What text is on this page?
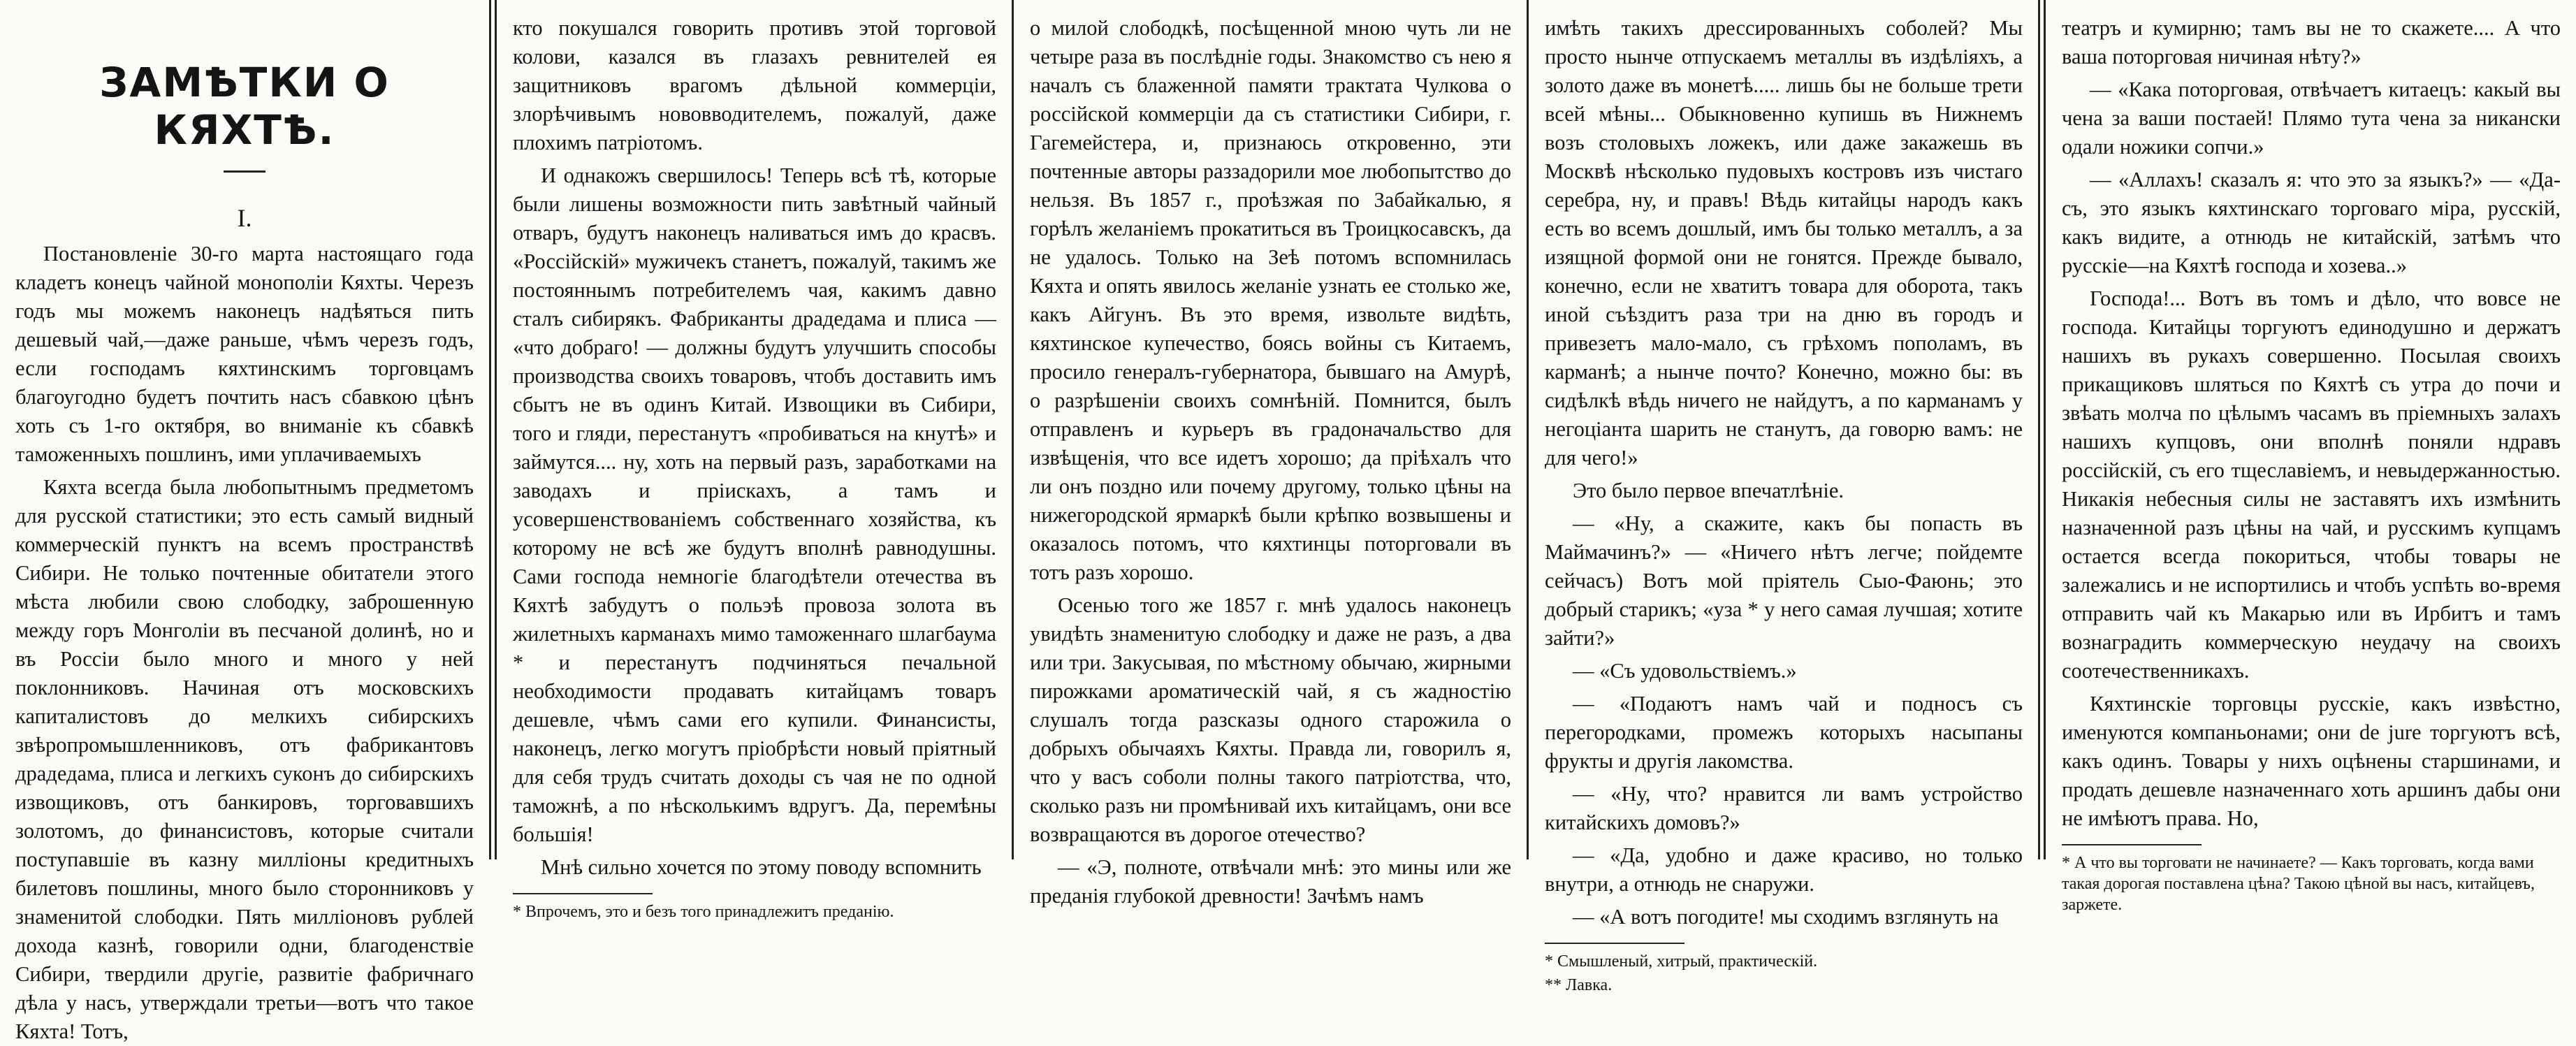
ЗАМѢТКИ О КЯХТѢ.
I.

Постановленіе 30-го марта настоящаго года кладетъ конецъ чайной монополіи Кяхты. Черезъ годъ мы можемъ наконецъ надѣяться пить дешевый чай,—даже раньше, чѣмъ черезъ годъ, если господамъ кяхтинскимъ торговцамъ благоугодно будетъ почтить насъ сбавкою цѣнъ хоть съ 1-го октября, во вниманіе къ сбавкѣ таможенныхъ пошлинъ, ими уплачиваемыхъ

Кяхта всегда была любопытнымъ предметомъ для русской статистики; это есть самый видный коммерческій пунктъ на всемъ пространствѣ Сибири. Не только почтенные обитатели этого мѣста любили свою слободку, заброшенную между горъ Монголіи въ песчаной долинѣ, но и въ Россіи было много и много у ней поклонниковъ. Начиная отъ московскихъ капиталистовъ до мелкихъ сибирскихъ звѣропромышленниковъ, отъ фабрикантовъ драдедама, плиса и легкихъ суконъ до сибирскихъ извощиковъ, отъ банкировъ, торговавшихъ золотомъ, до финансистовъ, которые считали поступавшіе въ казну милліоны кредитныхъ билетовъ пошлины, много было сторонниковъ у знаменитой слободки. Пять милліоновъ рублей дохода казнѣ, говорили одни, благоденствіе Сибири, твердили другіе, развитіе фабричнаго дѣла у насъ, утверждали третьи—вотъ что такое Кяхта! Тотъ,

кто покушался говорить противъ этой торговой колови, казался въ глазахъ ревнителей ея защитниковъ врагомъ дѣльной коммерціи, злорѣчивымъ нововводителемъ, пожалуй, даже плохимъ патріотомъ.

И однакожъ свершилось! Теперь всѣ тѣ, которые были лишены возможности пить завѣтный чайный отваръ, будутъ наконецъ наливаться имъ до красвъ. «Россійскій» мужичекъ станетъ, пожалуй, такимъ же постояннымъ потребителемъ чая, какимъ давно сталъ сибирякъ. Фабриканты драдедама и плиса — «что добраго! — должны будутъ улучшить способы производства своихъ товаровъ, чтобъ доставить имъ сбытъ не въ одинъ Китай. Извощики въ Сибири, того и гляди, перестанутъ «пробиваться на кнутѣ» и займутся.... ну, хоть на первый разъ, заработками на заводахъ и пріискахъ, а тамъ и усовершенствованіемъ собственнаго хозяйства, къ которому не всѣ же будутъ вполнѣ равнодушны. Сами господа немногіе благодѣтели отечества въ Кяхтѣ забудутъ о польэѣ провоза золота въ жилетныхъ карманахъ мимо таможеннаго шлагбаума * и перестанутъ подчиняться печальной необходимости продавать китайцамъ товаръ дешевле, чѣмъ сами его купили. Финансисты, наконецъ, легко могутъ пріобрѣсти новый пріятный для себя трудъ считать доходы съ чая не по одной таможнѣ, а по нѣсколькимъ вдругъ. Да, перемѣны большія!

Мнѣ сильно хочется по этому поводу вспомнить

* Впрочемъ, это и безъ того принадлежитъ преданію.

о милой слободкѣ, посѣщенной мною чуть ли не четыре раза въ послѣдніе годы. Знакомство съ нею я началъ съ блаженной памяти трактата Чулкова о россійской коммерціи да съ статистики Сибири, г. Гагемейстера, и, признаюсь откровенно, эти почтенные авторы раззадорили мое любопытство до нельзя. Въ 1857 г., проѣзжая по Забайкалью, я горѣлъ желаніемъ прокатиться въ Троицкосавскъ, да не удалось. Только на Зеѣ потомъ вспомнилась Кяхта и опять явилось желаніе узнать ее столько же, какъ Айгунъ. Въ это время, извольте видѣть, кяхтинское купечество, боясь войны съ Китаемъ, просило генералъ-губернатора, бывшаго на Амурѣ, о разрѣшеніи своихъ сомнѣній. Помнится, былъ отправленъ и курьеръ въ градоначальство для извѣщенія, что все идетъ хорошо; да пріѣхалъ что ли онъ поздно или почему другому, только цѣны на нижегородской ярмаркѣ были крѣпко возвышены и оказалось потомъ, что кяхтинцы поторговали въ тотъ разъ хорошо.

Осенью того же 1857 г. мнѣ удалось наконецъ увидѣть знаменитую слободку и даже не разъ, а два или три. Закусывая, по мѣстному обычаю, жирными пирожками ароматическій чай, я съ жадностію слушалъ тогда разсказы одного старожила о добрыхъ обычаяхъ Кяхты. Правда ли, говорилъ я, что у васъ соболи полны такого патріотства, что, сколько разъ ни промѣнивай ихъ китайцамъ, они все возвращаются въ дорогое отечество?

— «Э, полноте, отвѣчали мнѣ: это мины или же преданія глубокой древности! Зачѣмъ намъ

имѣть такихъ дрессированныхъ соболей? Мы просто нынче отпускаемъ металлы въ издѣліяхъ, а золото даже въ монетѣ..... лишь бы не больше трети всей мѣны... Обыкновенно купишь въ Нижнемъ возъ столовыхъ ложекъ, или даже закажешь въ Москвѣ нѣсколько пудовыхъ костровъ изъ чистаго серебра, ну, и правъ! Вѣдь китайцы народъ какъ есть во всемъ дошлый, имъ бы только металлъ, а за изящной формой они не гонятся. Прежде бывало, конечно, если не хватитъ товара для оборота, такъ иной съѣздитъ раза три на дню въ городъ и привезетъ мало-мало, съ грѣхомъ пополамъ, въ карманѣ; а нынче почто? Конечно, можно бы: въ сидѣлкѣ вѣдь ничего не найдутъ, а по карманамъ у негоціанта шарить не станутъ, да говорю вамъ: не для чего!»

Это было первое впечатлѣніе.

— «Ну, а скажите, какъ бы попасть въ Маймачинъ?» — «Ничего нѣтъ легче; пойдемте сейчасъ) Вотъ мой пріятель Сыо-Фаюнь; это добрый старикъ; «уза * у него самая лучшая; хотите зайти?»

— «Съ удовольствіемъ.»

— «Подаютъ намъ чай и подносъ съ перегородками, промежъ которыхъ насыпаны фрукты и другія лакомства.

— «Ну, что? нравится ли вамъ устройство китайскихъ домовъ?»

— «Да, удобно и даже красиво, но только внутри, а отнюдь не снаружи.

— «А вотъ погодите! мы сходимъ взглянуть на

* Смышленый, хитрый, практическій.

** Лавка.

театръ и кумирню; тамъ вы не то скажете.... А что ваша поторговая ничиная нѣту?»

— «Кака поторговая, отвѣчаетъ китаецъ: какый вы чена за ваши постаей! Плямо тута чена за никански одали ножики сопчи.»

— «Аллахъ! сказалъ я: что это за языкъ?» — «Да-съ, это языкъ кяхтинскаго торговаго міра, русскій, какъ видите, а отнюдь не китайскій, затѣмъ что русскіе—на Кяхтѣ господа и хозева..»

Господа!... Вотъ въ томъ и дѣло, что вовсе не господа. Китайцы торгуютъ единодушно и держатъ нашихъ въ рукахъ совершенно. Посылая своихъ прикащиковъ шляться по Кяхтѣ съ утра до почи и звѣать молча по цѣлымъ часамъ въ пріемныхъ залахъ нашихъ купцовъ, они вполнѣ поняли ндравъ россійскій, съ его тщеславіемъ, и невыдержанностью. Никакія небесныя силы не заставятъ ихъ измѣнить назначенной разъ цѣны на чай, и русскимъ купцамъ остается всегда покориться, чтобы товары не залежались и не испортились и чтобъ успѣть во-время отправить чай къ Макарью или въ Ирбитъ и тамъ вознаградить коммерческую неудачу на своихъ соотечественникахъ.

Кяхтинскіе торговцы русскіе, какъ извѣстно, именуются компаньонами; они de jure торгуютъ всѣ, какъ одинъ. Товары у нихъ оцѣнены старшинами, и продать дешевле назначеннаго хоть аршинъ дабы они не имѣютъ права. Но,

* А что вы торговати не начинаете? — Какъ торговать, когда вами такая дорогая поставлена цѣна? Такою цѣной вы насъ, китайцевъ, заржете.
